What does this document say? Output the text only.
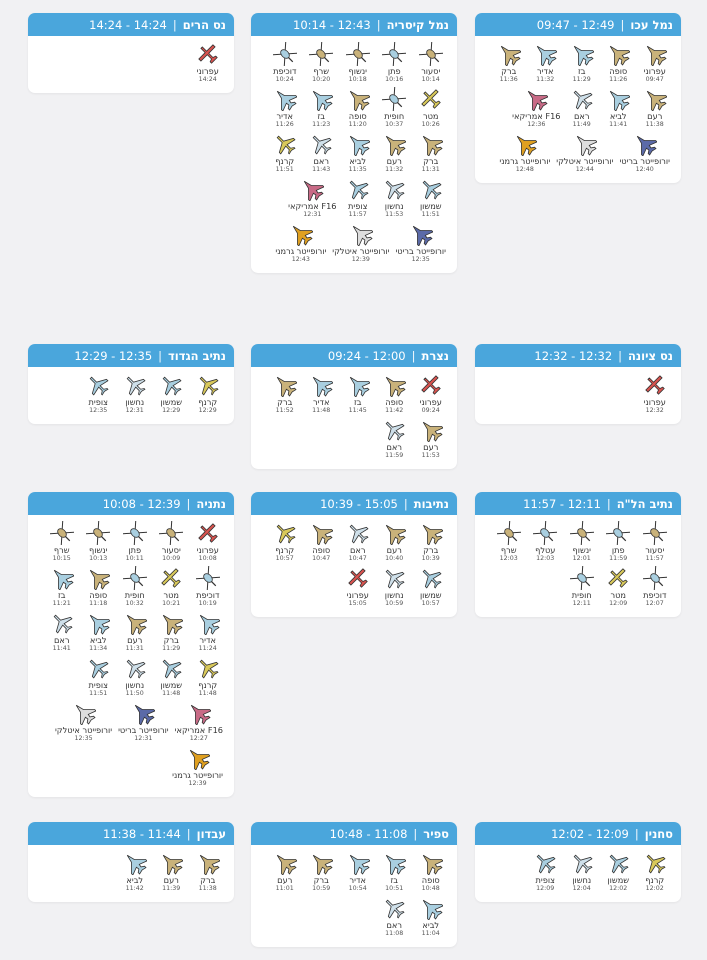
נמל עכו
|
09:47 - 12:49
עפרוני
09:47
סופה
11:26
בז
11:29
אדיר
11:32
ברק
11:36
רעם
11:38
לביא
11:41
ראם
11:49
F16 אמריקאי
12:36
יורופייטר בריטי
12:40
יורופייטר איטלקי
12:44
יורופייטר גרמני
12:48
נמל קיסריה
|
10:14 - 12:43
יסעור
10:14
פתן
10:16
ינשוף
10:18
שרף
10:20
דוכיפת
10:24
מטר
10:26
חופית
10:37
סופה
11:20
בז
11:23
אדיר
11:26
ברק
11:31
רעם
11:32
לביא
11:35
ראם
11:43
קרנף
11:51
שמשון
11:51
נחשון
11:53
צופית
11:57
F16 אמריקאי
12:31
יורופייטר בריטי
12:35
יורופייטר איטלקי
12:39
יורופייטר גרמני
12:43
נס הרים
|
14:24 - 14:24
עפרוני
14:24
נס ציונה
|
12:32 - 12:32
עפרוני
12:32
נצרת
|
09:24 - 12:00
עפרוני
09:24
סופה
11:42
בז
11:45
אדיר
11:48
ברק
11:52
רעם
11:53
ראם
11:59
נתיב הגדוד
|
12:29 - 12:35
קרנף
12:29
שמשון
12:29
נחשון
12:31
צופית
12:35
נתיב הל"ה
|
11:57 - 12:11
יסעור
11:57
פתן
11:59
ינשוף
12:01
עטלף
12:03
שרף
12:03
דוכיפת
12:07
מטר
12:09
חופית
12:11
נתיבות
|
10:39 - 15:05
ברק
10:39
רעם
10:40
ראם
10:47
סופה
10:47
קרנף
10:57
שמשון
10:57
נחשון
10:59
עפרוני
15:05
נתניה
|
10:08 - 12:39
עפרוני
10:08
יסעור
10:09
פתן
10:11
ינשוף
10:13
שרף
10:15
דוכיפת
10:19
מטר
10:21
חופית
10:32
סופה
11:18
בז
11:21
אדיר
11:24
ברק
11:29
רעם
11:31
לביא
11:34
ראם
11:41
קרנף
11:48
שמשון
11:48
נחשון
11:50
צופית
11:51
F16 אמריקאי
12:27
יורופייטר בריטי
12:31
יורופייטר איטלקי
12:35
יורופייטר גרמני
12:39
סחנין
|
12:02 - 12:09
קרנף
12:02
שמשון
12:02
נחשון
12:04
צופית
12:09
ספיר
|
10:48 - 11:08
סופה
10:48
בז
10:51
אדיר
10:54
ברק
10:59
רעם
11:01
לביא
11:04
ראם
11:08
עבדון
|
11:38 - 11:44
ברק
11:38
רעם
11:39
לביא
11:42
